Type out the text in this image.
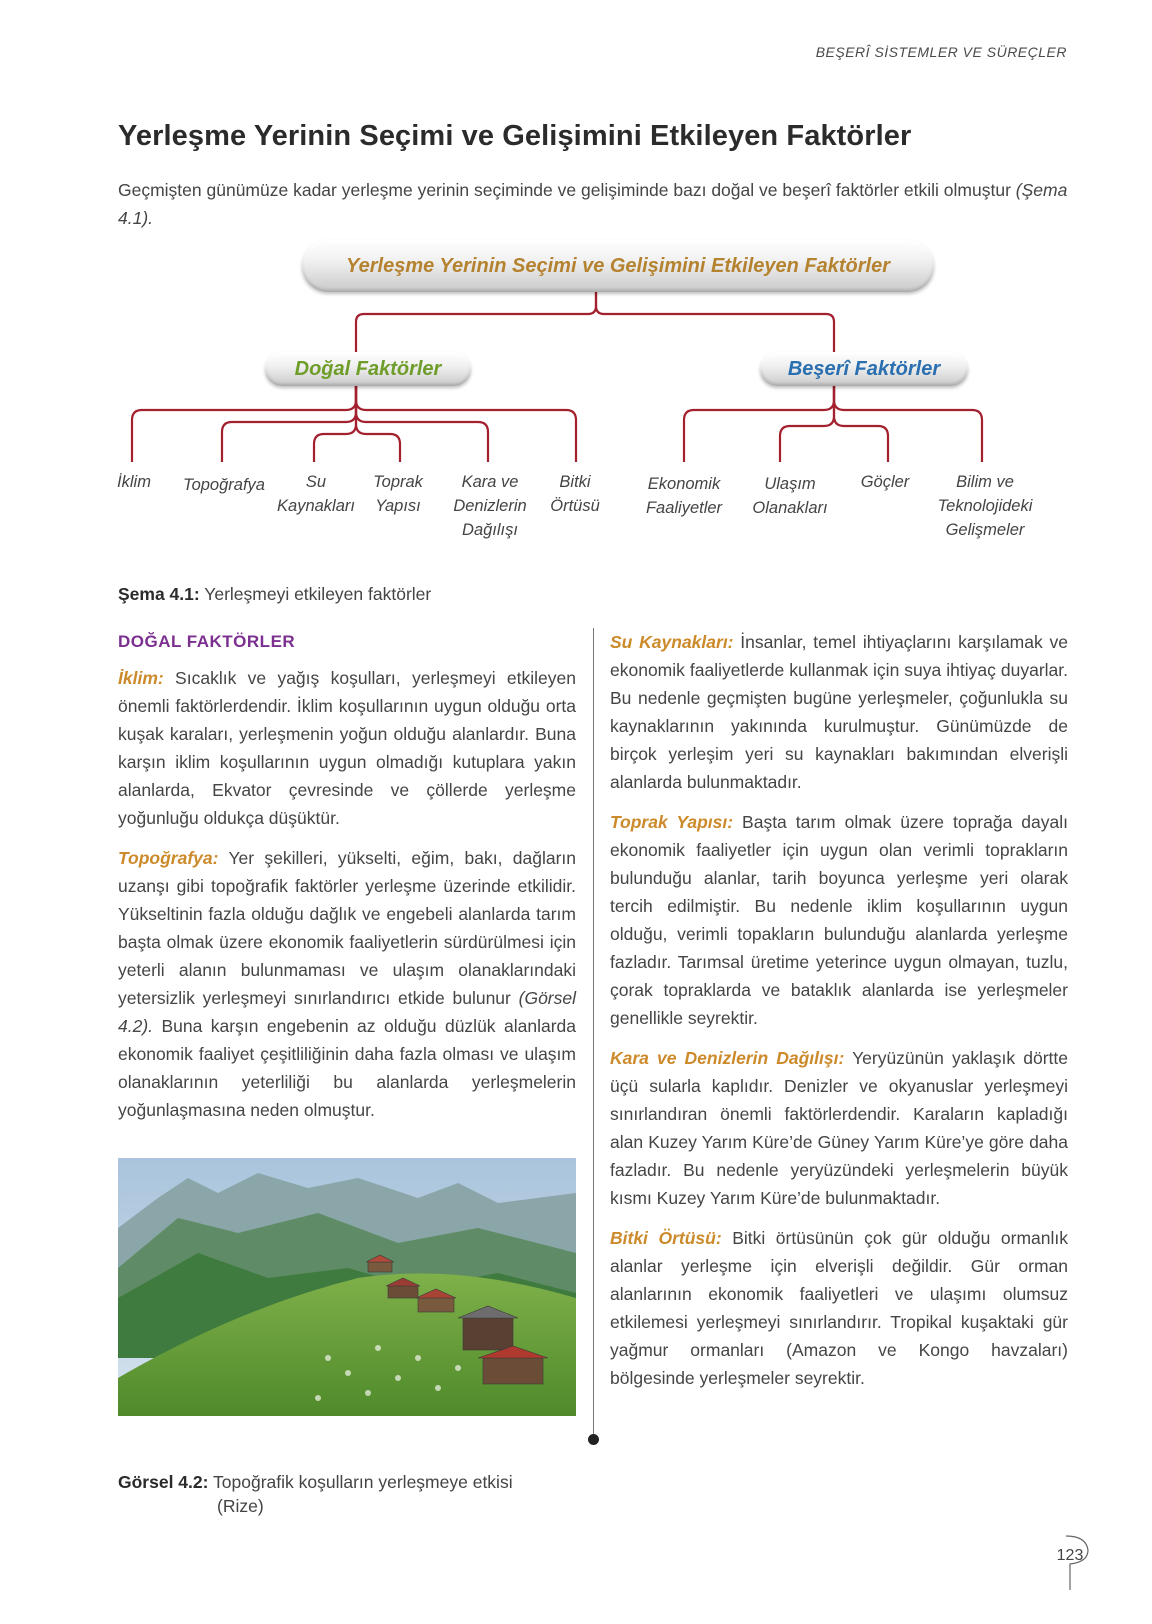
BEŞERÎ SİSTEMLER VE SÜREÇLER
Yerleşme Yerinin Seçimi ve Gelişimini Etkileyen Faktörler
Geçmişten günümüze kadar yerleşme yerinin seçiminde ve gelişiminde bazı doğal ve beşerî faktörler etkili olmuştur (Şema 4.1).
Yerleşme Yerinin Seçimi ve Gelişimini Etkileyen Faktörler
Doğal Faktörler	Beşerî Faktörler
İklim	Topoğrafya	Su
Kaynakları
Toprak
Yapısı
Kara ve
Denizlerin
Dağılışı
Bitki
Örtüsü
Ekonomik
Faaliyetler
Ulaşım
Olanakları
Göçler	Bilim ve
Teknolojideki
Gelişmeler
Şema 4.1: Yerleşmeyi etkileyen faktörler
DOĞAL FAKTÖRLER

İklim: Sıcaklık ve yağış koşulları, yerleşmeyi etkileyen önemli faktörlerdendir. İklim koşullarının uygun olduğu orta kuşak karaları, yerleşmenin yoğun olduğu alanlardır. Buna karşın iklim koşullarının uygun olmadığı kutuplara yakın alanlarda, Ekvator çevresinde ve çöllerde yerleşme yoğunluğu oldukça düşüktür.

Topoğrafya: Yer şekilleri, yükselti, eğim, bakı, dağların uzanşı gibi topoğrafik faktörler yerleşme üzerinde etkilidir. Yükseltinin fazla olduğu dağlık ve engebeli alanlarda tarım başta olmak üzere ekonomik faaliyetlerin sürdürülmesi için yeterli alanın bulunmaması ve ulaşım olanaklarındaki yetersizlik yerleşmeyi sınırlandırıcı etkide bulunur (Görsel 4.2). Buna karşın engebenin az olduğu düzlük alanlarda ekonomik faaliyet çeşitliliğinin daha fazla olması ve ulaşım olanaklarının yeterliliği bu alanlarda yerleşmelerin yoğunlaşmasına neden olmuştur.

Su Kaynakları: İnsanlar, temel ihtiyaçlarını karşılamak ve ekonomik faaliyetlerde kullanmak için suya ihtiyaç duyarlar. Bu nedenle geçmişten bugüne yerleşmeler, çoğunlukla su kaynaklarının yakınında kurulmuştur. Günümüzde de birçok yerleşim yeri su kaynakları bakımından elverişli alanlarda bulunmaktadır.

Toprak Yapısı: Başta tarım olmak üzere toprağa dayalı ekonomik faaliyetler için uygun olan verimli toprakların bulunduğu alanlar, tarih boyunca yerleşme yeri olarak tercih edilmiştir. Bu nedenle iklim koşullarının uygun olduğu, verimli topakların bulunduğu alanlarda yerleşme fazladır. Tarımsal üretime yeterince uygun olmayan, tuzlu, çorak topraklarda ve bataklık alanlarda ise yerleşmeler genellikle seyrektir.

Kara ve Denizlerin Dağılışı: Yeryüzünün yaklaşık dörtte üçü sularla kaplıdır. Denizler ve okyanuslar yerleşmeyi sınırlandıran önemli faktörlerdendir. Karaların kapladığı alan Kuzey Yarım Küre’de Güney Yarım Küre’ye göre daha fazladır. Bu nedenle yeryüzündeki yerleşmelerin büyük kısmı Kuzey Yarım Küre’de bulunmaktadır.

Bitki Örtüsü: Bitki örtüsünün çok gür olduğu ormanlık alanlar yerleşme için elverişli değildir. Gür orman alanlarının ekonomik faaliyetleri ve ulaşımı olumsuz etkilemesi yerleşmeyi sınırlandırır. Tropikal kuşaktaki gür yağmur ormanları (Amazon ve Kongo havzaları) bölgesinde yerleşmeler seyrektir.

Görsel 4.2: Topoğrafik koşulların yerleşmeye etkisi
(Rize)
123
